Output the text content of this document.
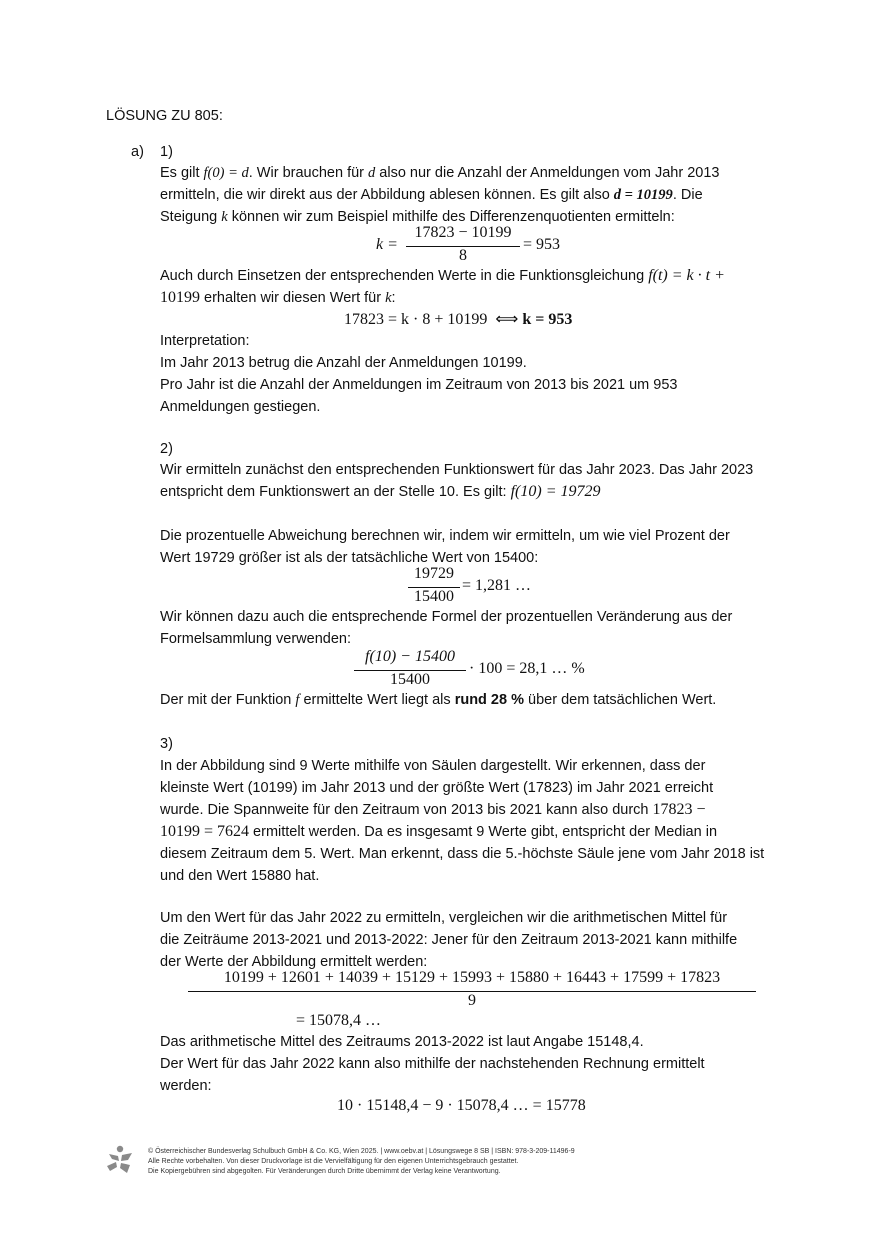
LÖSUNG ZU 805:
a) 1)
Es gilt f(0) = d. Wir brauchen für d also nur die Anzahl der Anmeldungen vom Jahr 2013
ermitteln, die wir direkt aus der Abbildung ablesen können. Es gilt also d = 10199. Die
Steigung k können wir zum Beispiel mithilfe des Differenzenquotienten ermitteln:
k =
17823 − 10199
8
= 953
Auch durch Einsetzen der entsprechenden Werte in die Funktionsgleichung f(t) = k · t +
10199 erhalten wir diesen Wert für k:
17823 = k · 8 + 10199 ⟺ k = 953
Interpretation:
Im Jahr 2013 betrug die Anzahl der Anmeldungen 10199.
Pro Jahr ist die Anzahl der Anmeldungen im Zeitraum von 2013 bis 2021 um 953
Anmeldungen gestiegen.
2)
Wir ermitteln zunächst den entsprechenden Funktionswert für das Jahr 2023. Das Jahr 2023
entspricht dem Funktionswert an der Stelle 10. Es gilt: f(10) = 19729
Die prozentuelle Abweichung berechnen wir, indem wir ermitteln, um wie viel Prozent der
Wert 19729 größer ist als der tatsächliche Wert von 15400:
19729
15400
= 1,281 …
Wir können dazu auch die entsprechende Formel der prozentuellen Veränderung aus der
Formelsammlung verwenden:
f(10) − 15400
15400
· 100 = 28,1 … %
Der mit der Funktion f ermittelte Wert liegt als rund 28 % über dem tatsächlichen Wert.
3)
In der Abbildung sind 9 Werte mithilfe von Säulen dargestellt. Wir erkennen, dass der
kleinste Wert (10199) im Jahr 2013 und der größte Wert (17823) im Jahr 2021 erreicht
wurde. Die Spannweite für den Zeitraum von 2013 bis 2021 kann also durch 17823 −
10199 = 7624 ermittelt werden. Da es insgesamt 9 Werte gibt, entspricht der Median in
diesem Zeitraum dem 5. Wert. Man erkennt, dass die 5.-höchste Säule jene vom Jahr 2018 ist
und den Wert 15880 hat.
Um den Wert für das Jahr 2022 zu ermitteln, vergleichen wir die arithmetischen Mittel für
die Zeiträume 2013-2021 und 2013-2022: Jener für den Zeitraum 2013-2021 kann mithilfe
der Werte der Abbildung ermittelt werden:
10199 + 12601 + 14039 + 15129 + 15993 + 15880 + 16443 + 17599 + 17823
9
= 15078,4 …
Das arithmetische Mittel des Zeitraums 2013-2022 ist laut Angabe 15148,4.
Der Wert für das Jahr 2022 kann also mithilfe der nachstehenden Rechnung ermittelt
werden:
10 · 15148,4 − 9 · 15078,4 … = 15778
© Österreichischer Bundesverlag Schulbuch GmbH & Co. KG, Wien 2025. | www.oebv.at | Lösungswege 8 SB | ISBN: 978-3-209-11496-9
Alle Rechte vorbehalten. Von dieser Druckvorlage ist die Vervielfältigung für den eigenen Unterrichtsgebrauch gestattet.
Die Kopiergebühren sind abgegolten. Für Veränderungen durch Dritte übernimmt der Verlag keine Verantwortung.
